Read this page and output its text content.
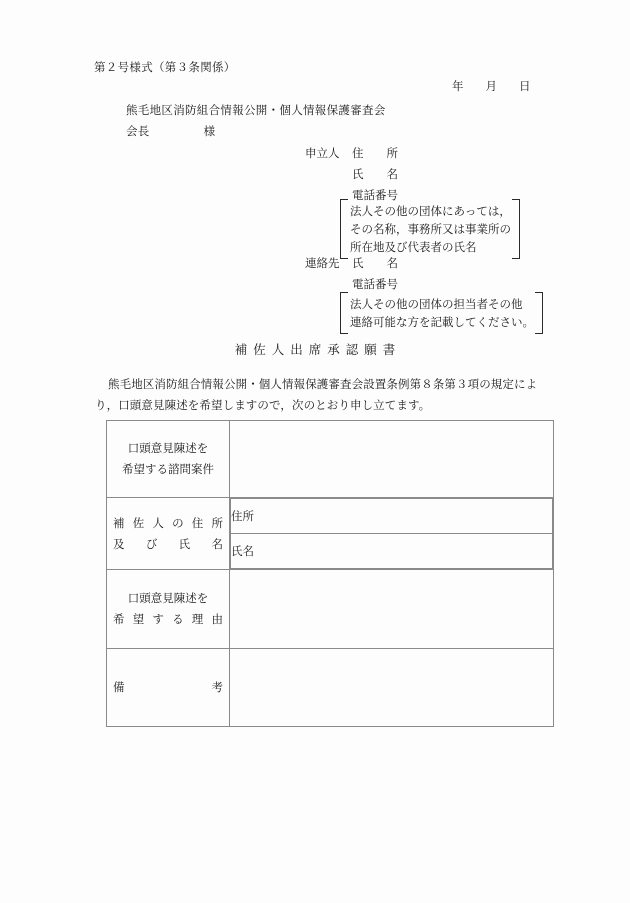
第２号様式（第３条関係）
年 月 日
熊毛地区消防組合情報公開・個人情報保護審査会
会長	様
申立人 住　　所
氏　　名
電話番号
法人その他の団体にあっては，
その名称，事務所又は事業所の
所在地及び代表者の氏名
連絡先 氏　　名
電話番号
法人その他の団体の担当者その他
連絡可能な方を記載してください。
補佐人出席承認願書
熊毛地区消防組合情報公開・個人情報保護審査会設置条例第８条第３項の規定により，口頭意見陳述を希望しますので，次のとおり申し立てます。
口頭意見陳述を
希望する諮問案件

補 佐 人 の 住 所
及　 び　 氏　 名

住所
氏名

口頭意見陳述を
希 望 す る 理 由

備　　　　　　考
